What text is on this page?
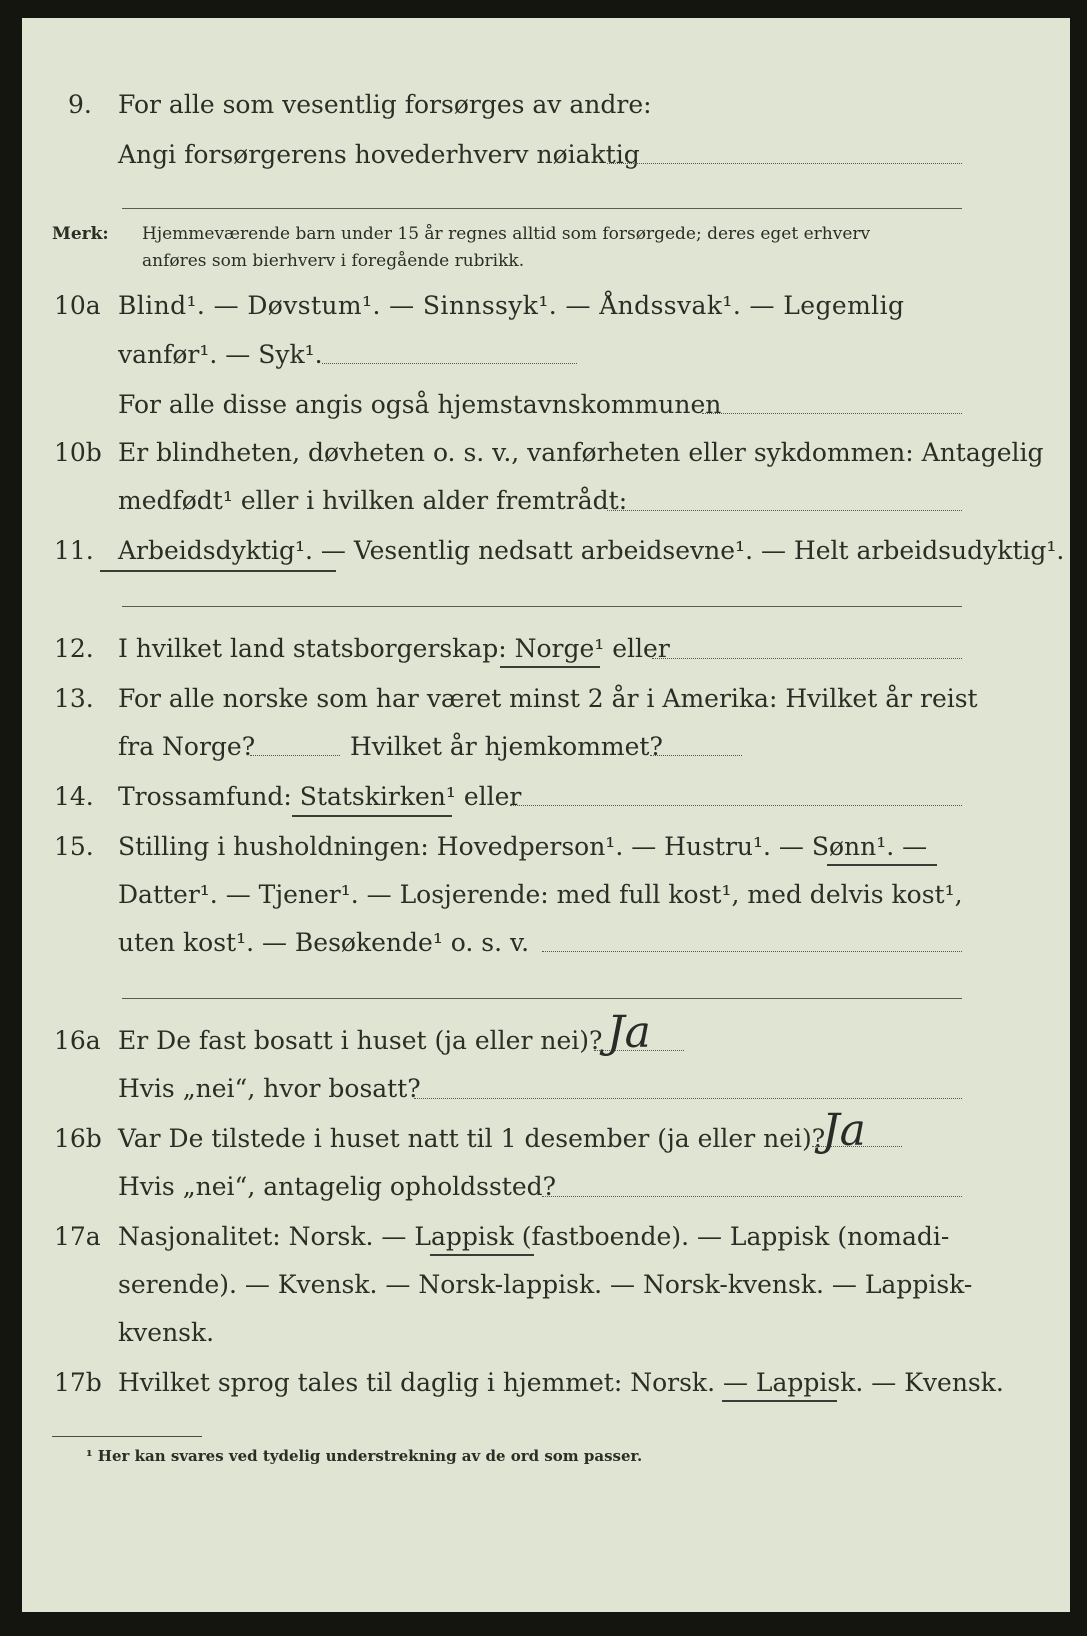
9. For alle som vesentlig forsørges av andre:
Angi forsørgerens hovederhverv nøiaktig
Merk: Hjemmeværende barn under 15 år regnes alltid som forsørgede; deres eget erhverv
anføres som bierhverv i foregående rubrikk.
10a Blind¹. — Døvstum¹. — Sinnssyk¹. — Åndssvak¹. — Legemlig
vanfør¹. — Syk¹.
For alle disse angis også hjemstavnskommunen
10b Er blindheten, døvheten o. s. v., vanførheten eller sykdommen: Antagelig
medfødt¹ eller i hvilken alder fremtrådt:
11. Arbeidsdyktig¹. — Vesentlig nedsatt arbeidsevne¹. — Helt arbeidsudyktig¹.
12. I hvilket land statsborgerskap: Norge¹ eller
13. For alle norske som har været minst 2 år i Amerika: Hvilket år reist
fra Norge?	Hvilket år hjemkommet?
14. Trossamfund: Statskirken¹ eller
15. Stilling i husholdningen: Hovedperson¹. — Hustru¹. — Sønn¹. —
Datter¹. — Tjener¹. — Losjerende: med full kost¹, med delvis kost¹,
uten kost¹. — Besøkende¹ o. s. v.
16a Er De fast bosatt i huset (ja eller nei)? Ja
Hvis „nei“, hvor bosatt?
16b Var De tilstede i huset natt til 1 desember (ja eller nei)?
Ja
Hvis „nei“, antagelig opholdssted?
17a Nasjonalitet: Norsk. — Lappisk (fastboende). — Lappisk (nomadi-
serende). — Kvensk. — Norsk-lappisk. — Norsk-kvensk. — Lappisk-
kvensk.
17b Hvilket sprog tales til daglig i hjemmet: Norsk. — Lappisk. — Kvensk.
¹ Her kan svares ved tydelig understrekning av de ord som passer.
